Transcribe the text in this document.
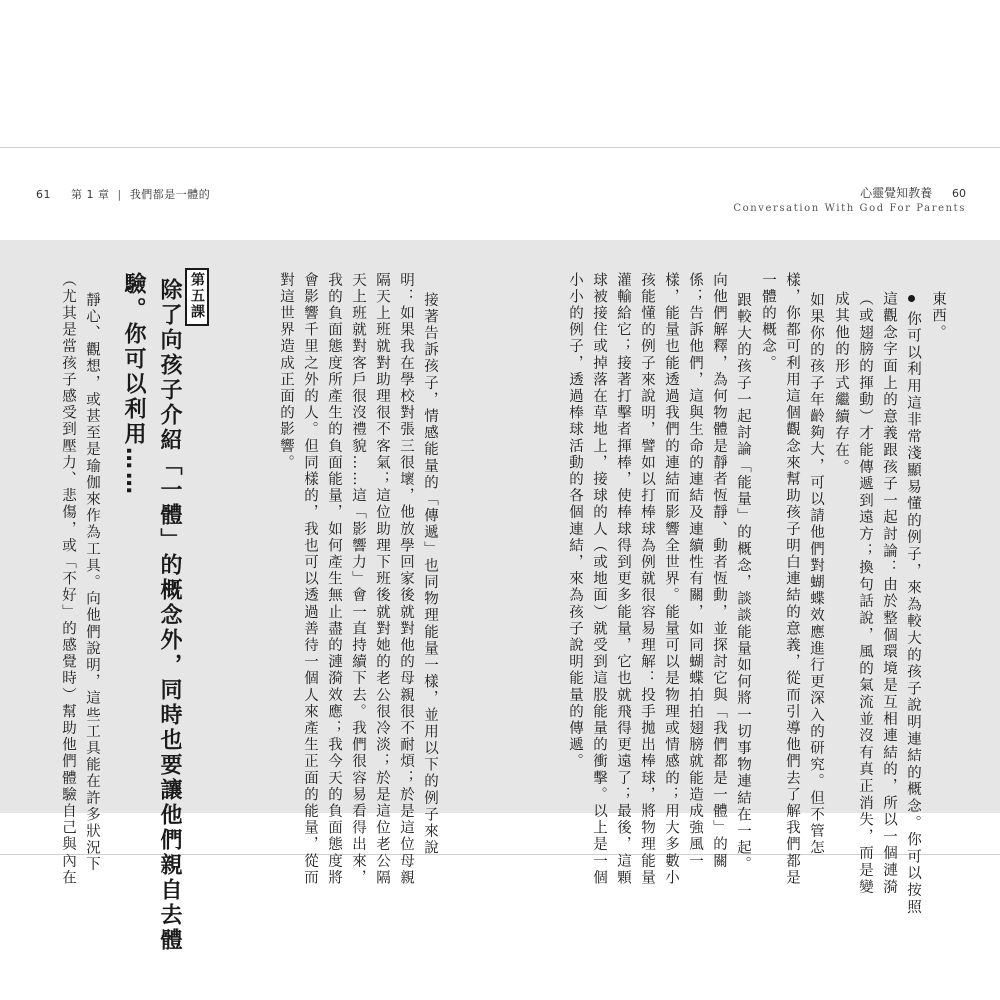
61 第 1 章 | 我們都是一體的	心靈覺知教養 60
Conversation With God For Parents
東西。
你可以利用這非常淺顯易懂的例子，來為較大的孩子說明連結的概念。你可以按照
這觀念字面上的意義跟孩子一起討論：由於整個環境是互相連結的，所以一個漣漪
（或翅膀的揮動）才能傳遞到遠方；換句話說，風的氣流並沒有真正消失，而是變
成其他的形式繼續存在。
如果你的孩子年齡夠大，可以請他們對蝴蝶效應進行更深入的研究。但不管怎
樣，你都可利用這個觀念來幫助孩子明白連結的意義，從而引導他們去了解我們都是
一體的概念。
跟較大的孩子一起討論「能量」的概念，談談能量如何將一切事物連結在一起。
向他們解釋，為何物體是靜者恆靜、動者恆動，並探討它與「我們都是一體」的關
係；告訴他們，這與生命的連結及連續性有關，如同蝴蝶拍拍翅膀就能造成強風一
樣，能量也能透過我們的連結而影響全世界。能量可以是物理或情感的；用大多數小
孩能懂的例子來說明，譬如以打棒球為例就很容易理解：投手拋出棒球，將物理能量
灌輸給它；接著打擊者揮棒，使棒球得到更多能量，它也就飛得更遠了；最後，這顆
球被接住或掉落在草地上，接球的人（或地面）就受到這股能量的衝擊。以上是一個
小小的例子，透過棒球活動的各個連結，來為孩子說明能量的傳遞。
接著告訴孩子，情感能量的「傳遞」也同物理能量一樣，並用以下的例子來說
明：如果我在學校對張三很壞，他放學回家後就對他的母親很不耐煩；於是這位母親
隔天上班就對助理很不客氣；這位助理下班後就對她的老公很冷淡；於是這位老公隔
天上班就對客戶很沒禮貌……這「影響力」會一直持續下去。我們很容易看得出來，
我的負面態度所產生的負面能量，如何產生無止盡的漣漪效應；我今天的負面態度將
會影響千里之外的人。但同樣的，我也可以透過善待一個人來產生正面的能量，從而
對這世界造成正面的影響。
第五課
除了向孩子介紹「一體」的概念外，同時也要讓他們親自去體
驗。你可以利用……
靜心、觀想，或甚至是瑜伽來作為工具。向他們說明，這些工具能在許多狀況下
（尤其是當孩子感受到壓力、悲傷，或「不好」的感覺時）幫助他們體驗自己與內在
